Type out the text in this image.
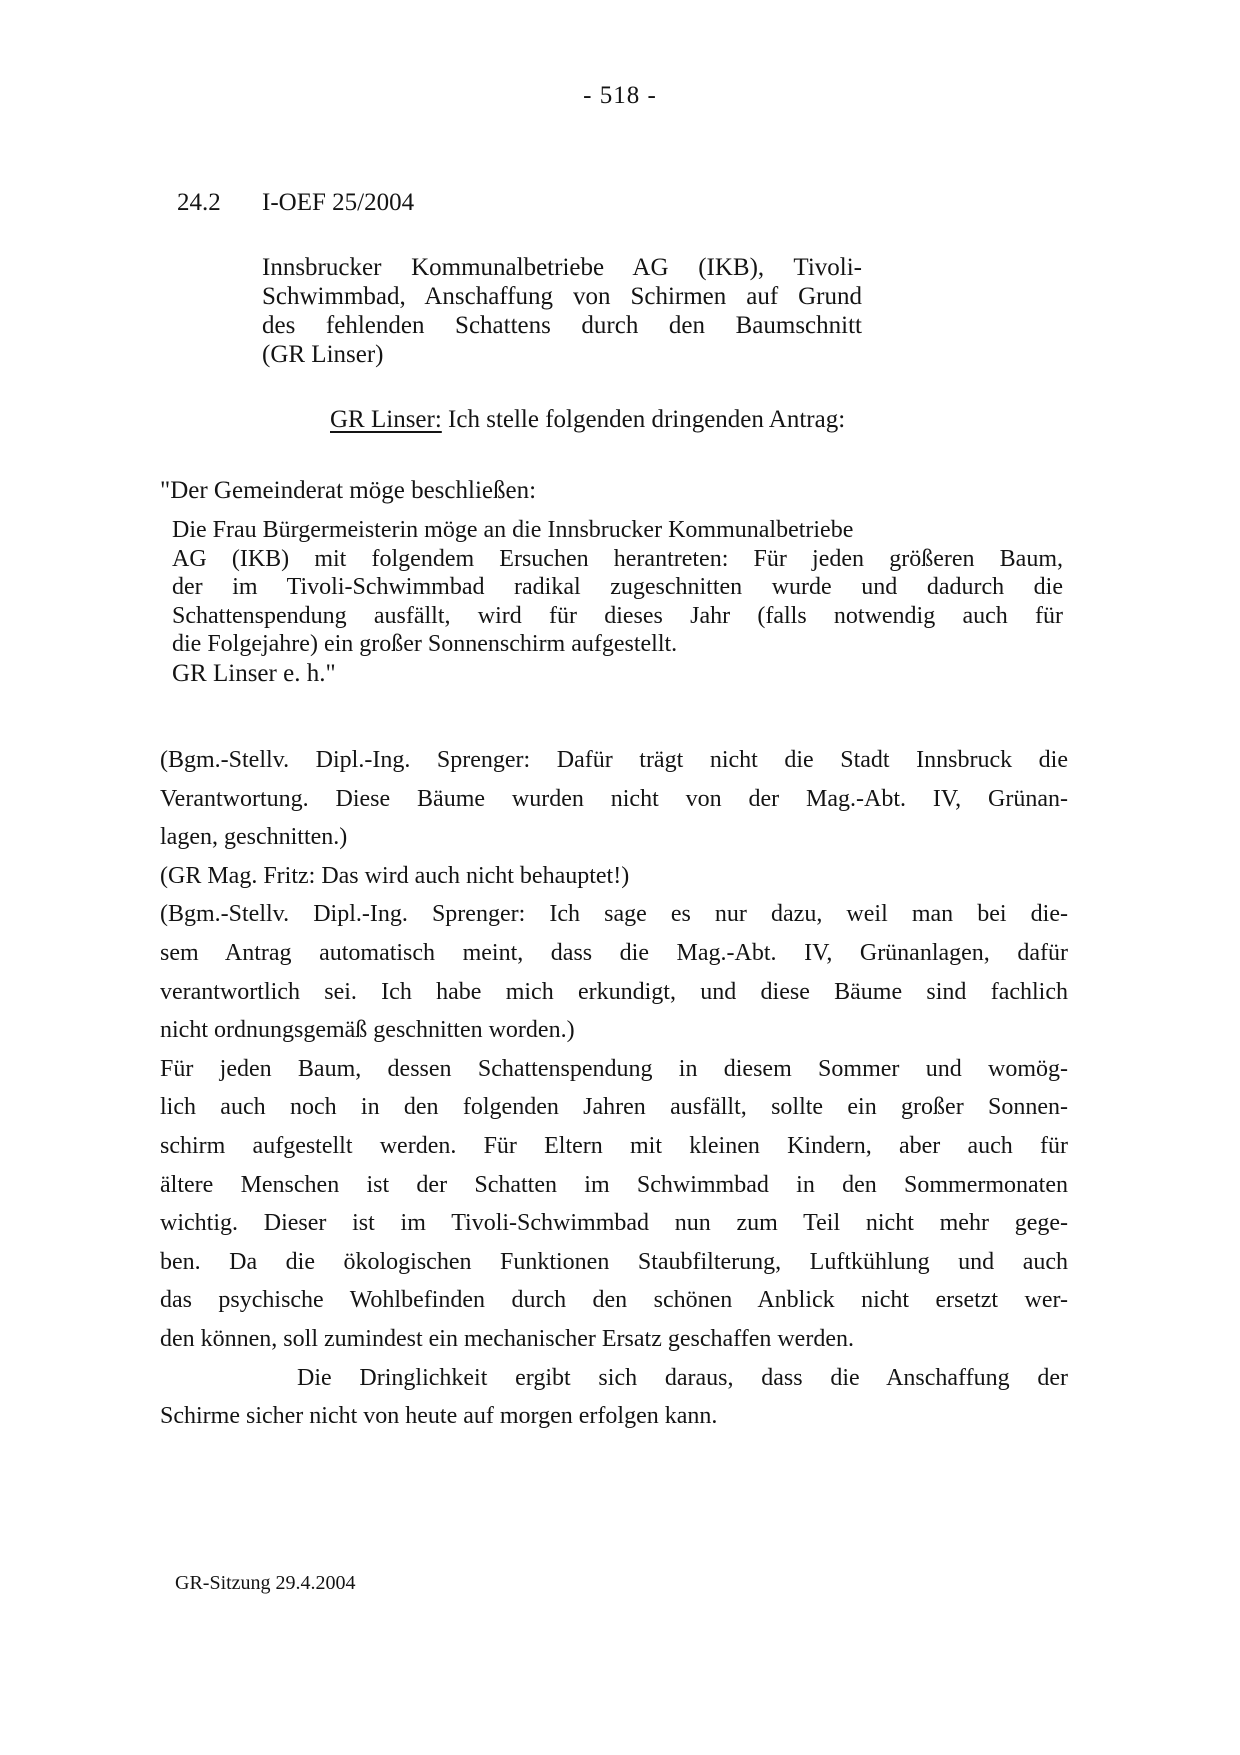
- 518 -
24.2 I-OEF 25/2004
Innsbrucker Kommunalbetriebe AG (IKB), Tivoli-
Schwimmbad, Anschaffung von Schirmen auf Grund
des fehlenden Schattens durch den Baumschnitt
(GR Linser)
GR Linser: Ich stelle folgenden dringenden Antrag:
"Der Gemeinderat möge beschließen:
Die Frau Bürgermeisterin möge an die Innsbrucker Kommunalbetriebe
AG (IKB) mit folgendem Ersuchen herantreten: Für jeden größeren Baum,
der im Tivoli-Schwimmbad radikal zugeschnitten wurde und dadurch die
Schattenspendung ausfällt, wird für dieses Jahr (falls notwendig auch für
die Folgejahre) ein großer Sonnenschirm aufgestellt.
GR Linser e. h."
(Bgm.-Stellv. Dipl.-Ing. Sprenger: Dafür trägt nicht die Stadt Innsbruck die
Verantwortung. Diese Bäume wurden nicht von der Mag.-Abt. IV, Grünan-
lagen, geschnitten.)
(GR Mag. Fritz: Das wird auch nicht behauptet!)
(Bgm.-Stellv. Dipl.-Ing. Sprenger: Ich sage es nur dazu, weil man bei die-
sem Antrag automatisch meint, dass die Mag.-Abt. IV, Grünanlagen, dafür
verantwortlich sei. Ich habe mich erkundigt, und diese Bäume sind fachlich
nicht ordnungsgemäß geschnitten worden.)
Für jeden Baum, dessen Schattenspendung in diesem Sommer und womög-
lich auch noch in den folgenden Jahren ausfällt, sollte ein großer Sonnen-
schirm aufgestellt werden. Für Eltern mit kleinen Kindern, aber auch für
ältere Menschen ist der Schatten im Schwimmbad in den Sommermonaten
wichtig. Dieser ist im Tivoli-Schwimmbad nun zum Teil nicht mehr gege-
ben. Da die ökologischen Funktionen Staubfilterung, Luftkühlung und auch
das psychische Wohlbefinden durch den schönen Anblick nicht ersetzt wer-
den können, soll zumindest ein mechanischer Ersatz geschaffen werden.
Die Dringlichkeit ergibt sich daraus, dass die Anschaffung der
Schirme sicher nicht von heute auf morgen erfolgen kann.
GR-Sitzung 29.4.2004
